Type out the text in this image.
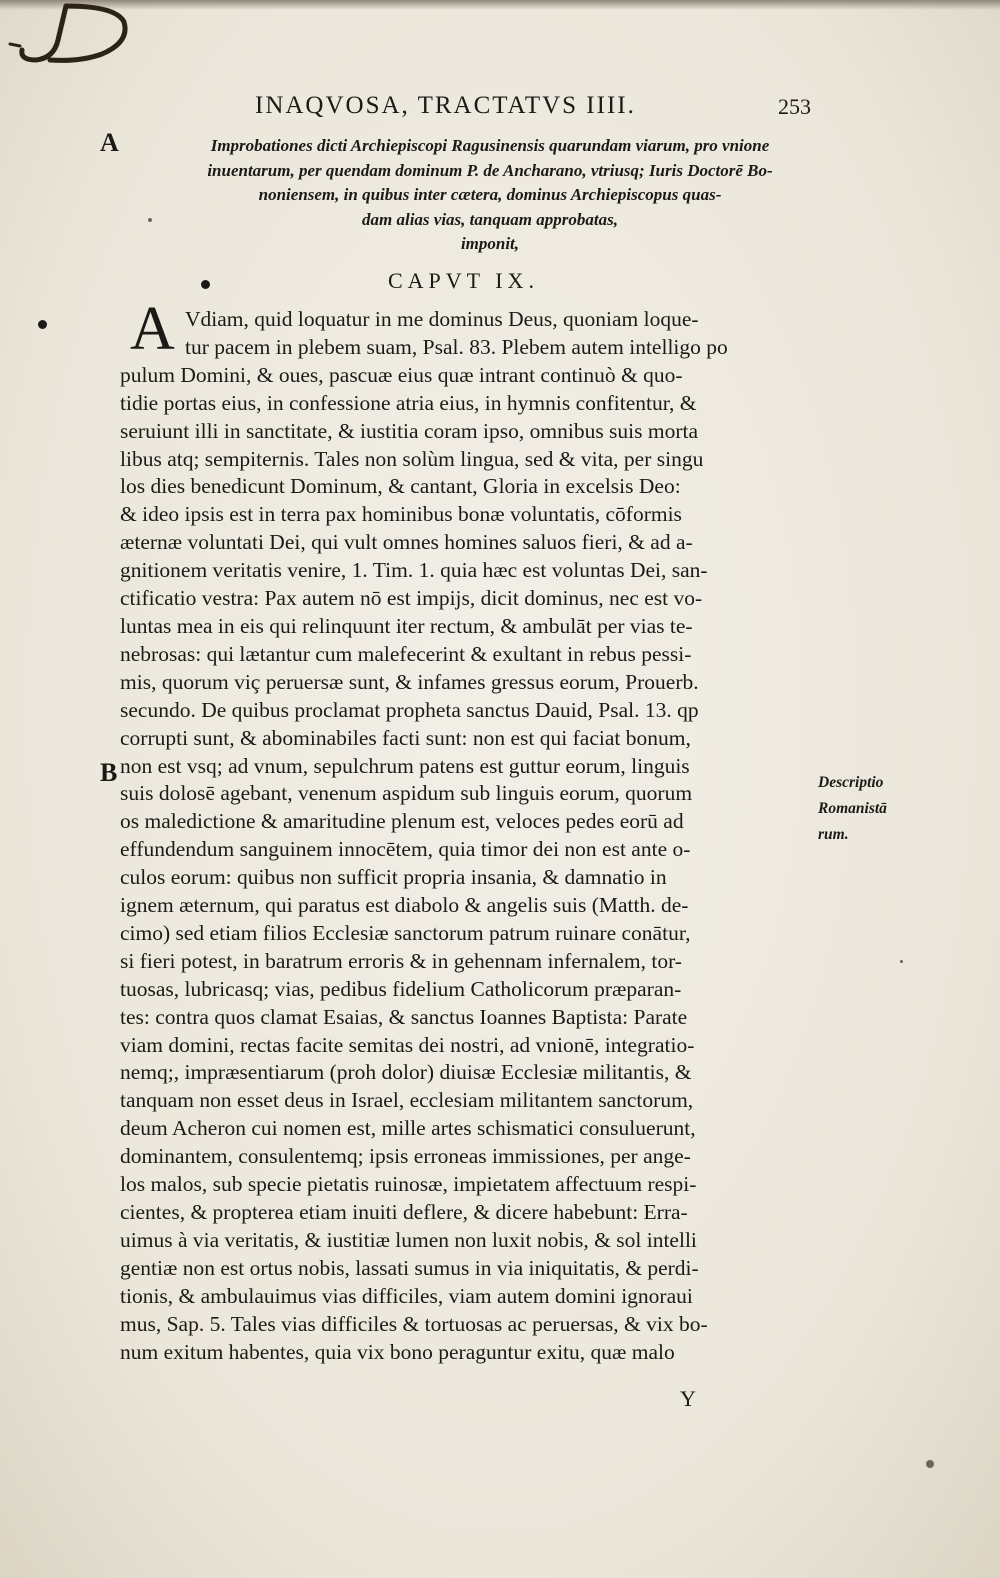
INAQVOSA, TRACTATVS IIII.	253
A
B
Improbationes dicti Archiepiscopi Ragusinensis quarundam viarum, pro vnione
inuentarum, per quendam dominum P. de Ancharano, vtriusq; Iuris Doctorē Bo-
noniensem, in quibus inter cætera, dominus Archiepiscopus quas-
dam alias vias, tanquam approbatas,
imponit,
CAPVT IX.
A Vdiam, quid loquatur in me dominus Deus, quoniam loque-
tur pacem in plebem suam, Psal. 83. Plebem autem intelligo po
pulum Domini, & oues, pascuæ eius quæ intrant continuò & quo-
tidie portas eius, in confessione atria eius, in hymnis confitentur, &
seruiunt illi in sanctitate, & iustitia coram ipso, omnibus suis morta
libus atq; sempiternis. Tales non solùm lingua, sed & vita, per singu
los dies benedicunt Dominum, & cantant, Gloria in excelsis Deo:
& ideo ipsis est in terra pax hominibus bonæ voluntatis, cōformis
æternæ voluntati Dei, qui vult omnes homines saluos fieri, & ad a-
gnitionem veritatis venire, 1. Tim. 1. quia hæc est voluntas Dei, san-
ctificatio vestra: Pax autem nō est impijs, dicit dominus, nec est vo-
luntas mea in eis qui relinquunt iter rectum, & ambulāt per vias te-
nebrosas: qui lætantur cum malefecerint & exultant in rebus pessi-
mis, quorum viç peruersæ sunt, & infames gressus eorum, Prouerb.
secundo. De quibus proclamat propheta sanctus Dauid, Psal. 13. qp
corrupti sunt, & abominabiles facti sunt: non est qui faciat bonum,
non est vsq; ad vnum, sepulchrum patens est guttur eorum, linguis
suis dolosē agebant, venenum aspidum sub linguis eorum, quorum
os maledictione & amaritudine plenum est, veloces pedes eorū ad
effundendum sanguinem innocētem, quia timor dei non est ante o-
culos eorum: quibus non sufficit propria insania, & damnatio in
ignem æternum, qui paratus est diabolo & angelis suis (Matth. de-
cimo) sed etiam filios Ecclesiæ sanctorum patrum ruinare conātur,
si fieri potest, in baratrum erroris & in gehennam infernalem, tor-
tuosas, lubricasq; vias, pedibus fidelium Catholicorum præparan-
tes: contra quos clamat Esaias, & sanctus Ioannes Baptista: Parate
viam domini, rectas facite semitas dei nostri, ad vnionē, integratio-
nemq;, impræsentiarum (proh dolor) diuisæ Ecclesiæ militantis, &
tanquam non esset deus in Israel, ecclesiam militantem sanctorum,
deum Acheron cui nomen est, mille artes schismatici consuluerunt,
dominantem, consulentemq; ipsis erroneas immissiones, per ange-
los malos, sub specie pietatis ruinosæ, impietatem affectuum respi-
cientes, & propterea etiam inuiti deflere, & dicere habebunt: Erra-
uimus à via veritatis, & iustitiæ lumen non luxit nobis, & sol intelli
gentiæ non est ortus nobis, lassati sumus in via iniquitatis, & perdi-
tionis, & ambulauimus vias difficiles, viam autem domini ignoraui
mus, Sap. 5. Tales vias difficiles & tortuosas ac peruersas, & vix bo-
num exitum habentes, quia vix bono peraguntur exitu, quæ malo
Descriptio
Romanistā
rum.
Y
